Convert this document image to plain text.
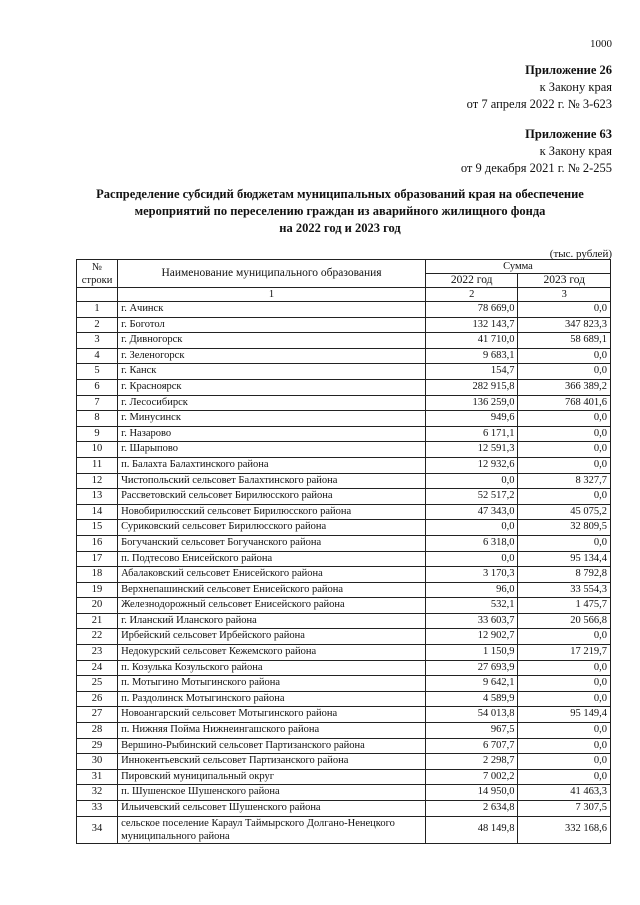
1000
Приложение 26
к Закону края
от 7 апреля 2022 г. № 3-623
Приложение 63
к Закону края
от 9 декабря 2021 г. № 2-255
Распределение субсидий бюджетам муниципальных образований края на обеспечение
мероприятий по переселению граждан из аварийного жилищного фонда
на 2022 год и 2023 год
(тыс. рублей)
№
строки	Наименование муниципального образования	Сумма	
		2022 год	2023 год
	1	2	3
1	г. Ачинск	78 669,0	0,0
2	г. Боготол	132 143,7	347 823,3
3	г. Дивногорск	41 710,0	58 689,1
4	г. Зеленогорск	9 683,1	0,0
5	г. Канск	154,7	0,0
6	г. Красноярск	282 915,8	366 389,2
7	г. Лесосибирск	136 259,0	768 401,6
8	г. Минусинск	949,6	0,0
9	г. Назарово	6 171,1	0,0
10	г. Шарыпово	12 591,3	0,0
11	п. Балахта Балахтинского района	12 932,6	0,0
12	Чистопольский сельсовет Балахтинского района	0,0	8 327,7
13	Рассветовский сельсовет Бирилюсского района	52 517,2	0,0
14	Новобирилюсский сельсовет Бирилюсского района	47 343,0	45 075,2
15	Суриковский сельсовет Бирилюсского района	0,0	32 809,5
16	Богучанский сельсовет Богучанского района	6 318,0	0,0
17	п. Подтесово Енисейского района	0,0	95 134,4
18	Абалаковский сельсовет Енисейского района	3 170,3	8 792,8
19	Верхнепашинский сельсовет Енисейского района	96,0	33 554,3
20	Железнодорожный сельсовет Енисейского района	532,1	1 475,7
21	г. Иланский Иланского района	33 603,7	20 566,8
22	Ирбейский сельсовет Ирбейского района	12 902,7	0,0
23	Недокурский сельсовет Кежемского района	1 150,9	17 219,7
24	п. Козулька Козульского района	27 693,9	0,0
25	п. Мотыгино Мотыгинского района	9 642,1	0,0
26	п. Раздолинск Мотыгинского района	4 589,9	0,0
27	Новоангарский сельсовет Мотыгинского района	54 013,8	95 149,4
28	п. Нижняя Пойма Нижнеингашского района	967,5	0,0
29	Вершино-Рыбинский сельсовет Партизанского района	6 707,7	0,0
30	Иннокентьевский сельсовет Партизанского района	2 298,7	0,0
31	Пировский муниципальный округ	7 002,2	0,0
32	п. Шушенское Шушенского района	14 950,0	41 463,3
33	Ильичевский сельсовет Шушенского района	2 634,8	7 307,5
34	сельское поселение Караул Таймырского Долгано-Ненецкого муниципального района	48 149,8	332 168,6
